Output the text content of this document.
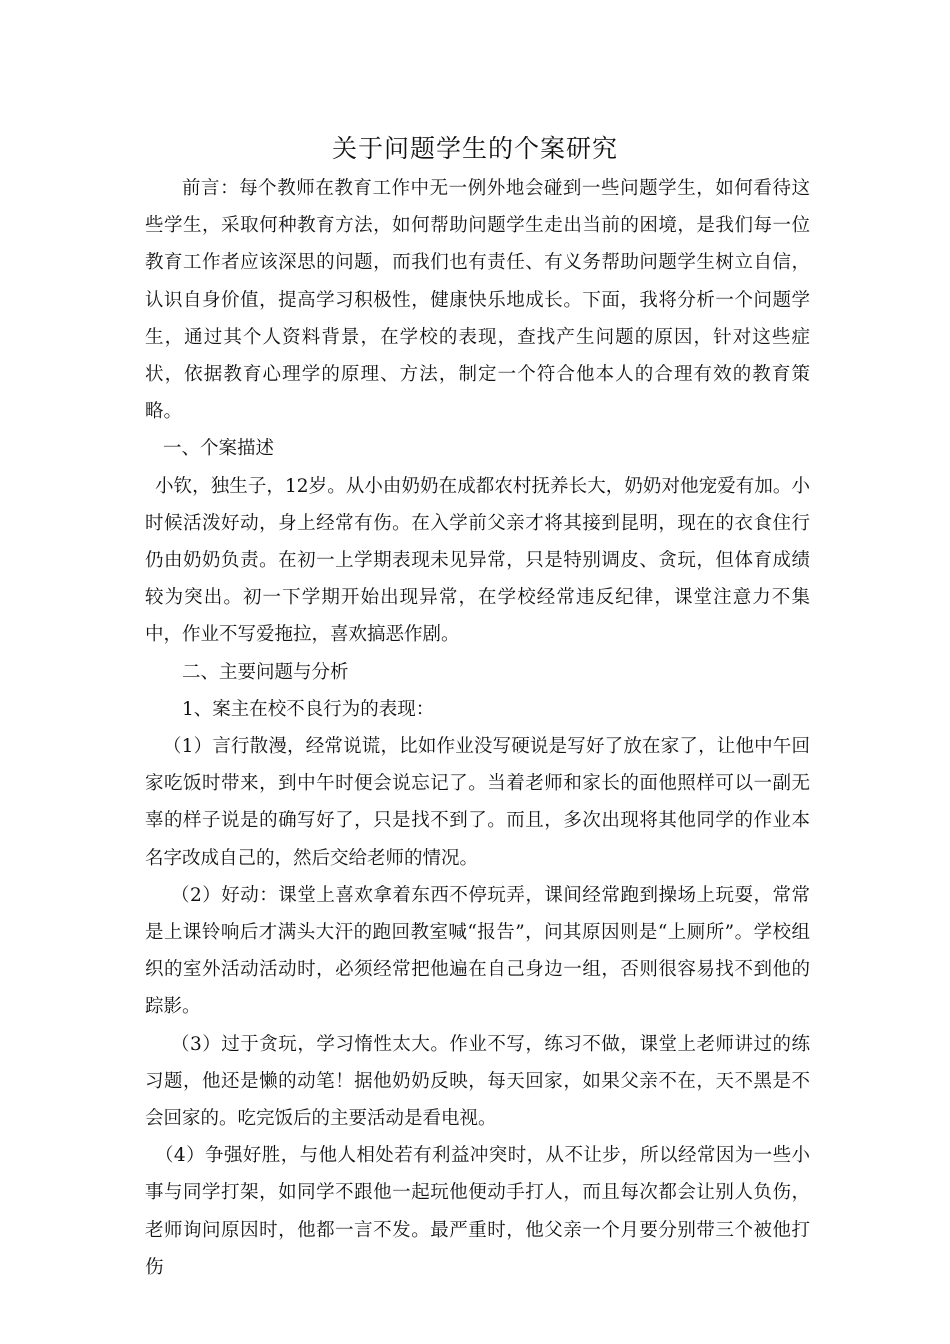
关于问题学生的个案研究

前言：每个教师在教育工作中无一例外地会碰到一些问题学生，如何看待这些学生，采取何种教育方法，如何帮助问题学生走出当前的困境，是我们每一位教育工作者应该深思的问题，而我们也有责任、有义务帮助问题学生树立自信，认识自身价值，提高学习积极性，健康快乐地成长。下面，我将分析一个问题学生，通过其个人资料背景，在学校的表现，查找产生问题的原因，针对这些症状，依据教育心理学的原理、方法，制定一个符合他本人的合理有效的教育策略。

一、个案描述

小钦，独生子，12岁。从小由奶奶在成都农村抚养长大，奶奶对他宠爱有加。小时候活泼好动，身上经常有伤。在入学前父亲才将其接到昆明，现在的衣食住行仍由奶奶负责。在初一上学期表现未见异常，只是特别调皮、贪玩，但体育成绩较为突出。初一下学期开始出现异常，在学校经常违反纪律，课堂注意力不集中，作业不写爱拖拉，喜欢搞恶作剧。

二、主要问题与分析

1、案主在校不良行为的表现：

（1）言行散漫，经常说谎，比如作业没写硬说是写好了放在家了，让他中午回家吃饭时带来，到中午时便会说忘记了。当着老师和家长的面他照样可以一副无辜的样子说是的确写好了，只是找不到了。而且，多次出现将其他同学的作业本名字改成自己的，然后交给老师的情况。

（2）好动：课堂上喜欢拿着东西不停玩弄，课间经常跑到操场上玩耍，常常是上课铃响后才满头大汗的跑回教室喊“报告”，问其原因则是“上厕所”。学校组织的室外活动活动时，必须经常把他遍在自己身边一组，否则很容易找不到他的踪影。

（3）过于贪玩，学习惰性太大。作业不写，练习不做，课堂上老师讲过的练习题，他还是懒的动笔！据他奶奶反映，每天回家，如果父亲不在，天不黑是不会回家的。吃完饭后的主要活动是看电视。

（4）争强好胜，与他人相处若有利益冲突时，从不让步，所以经常因为一些小事与同学打架，如同学不跟他一起玩他便动手打人，而且每次都会让别人负伤，老师询问原因时，他都一言不发。最严重时，他父亲一个月要分别带三个被他打伤
